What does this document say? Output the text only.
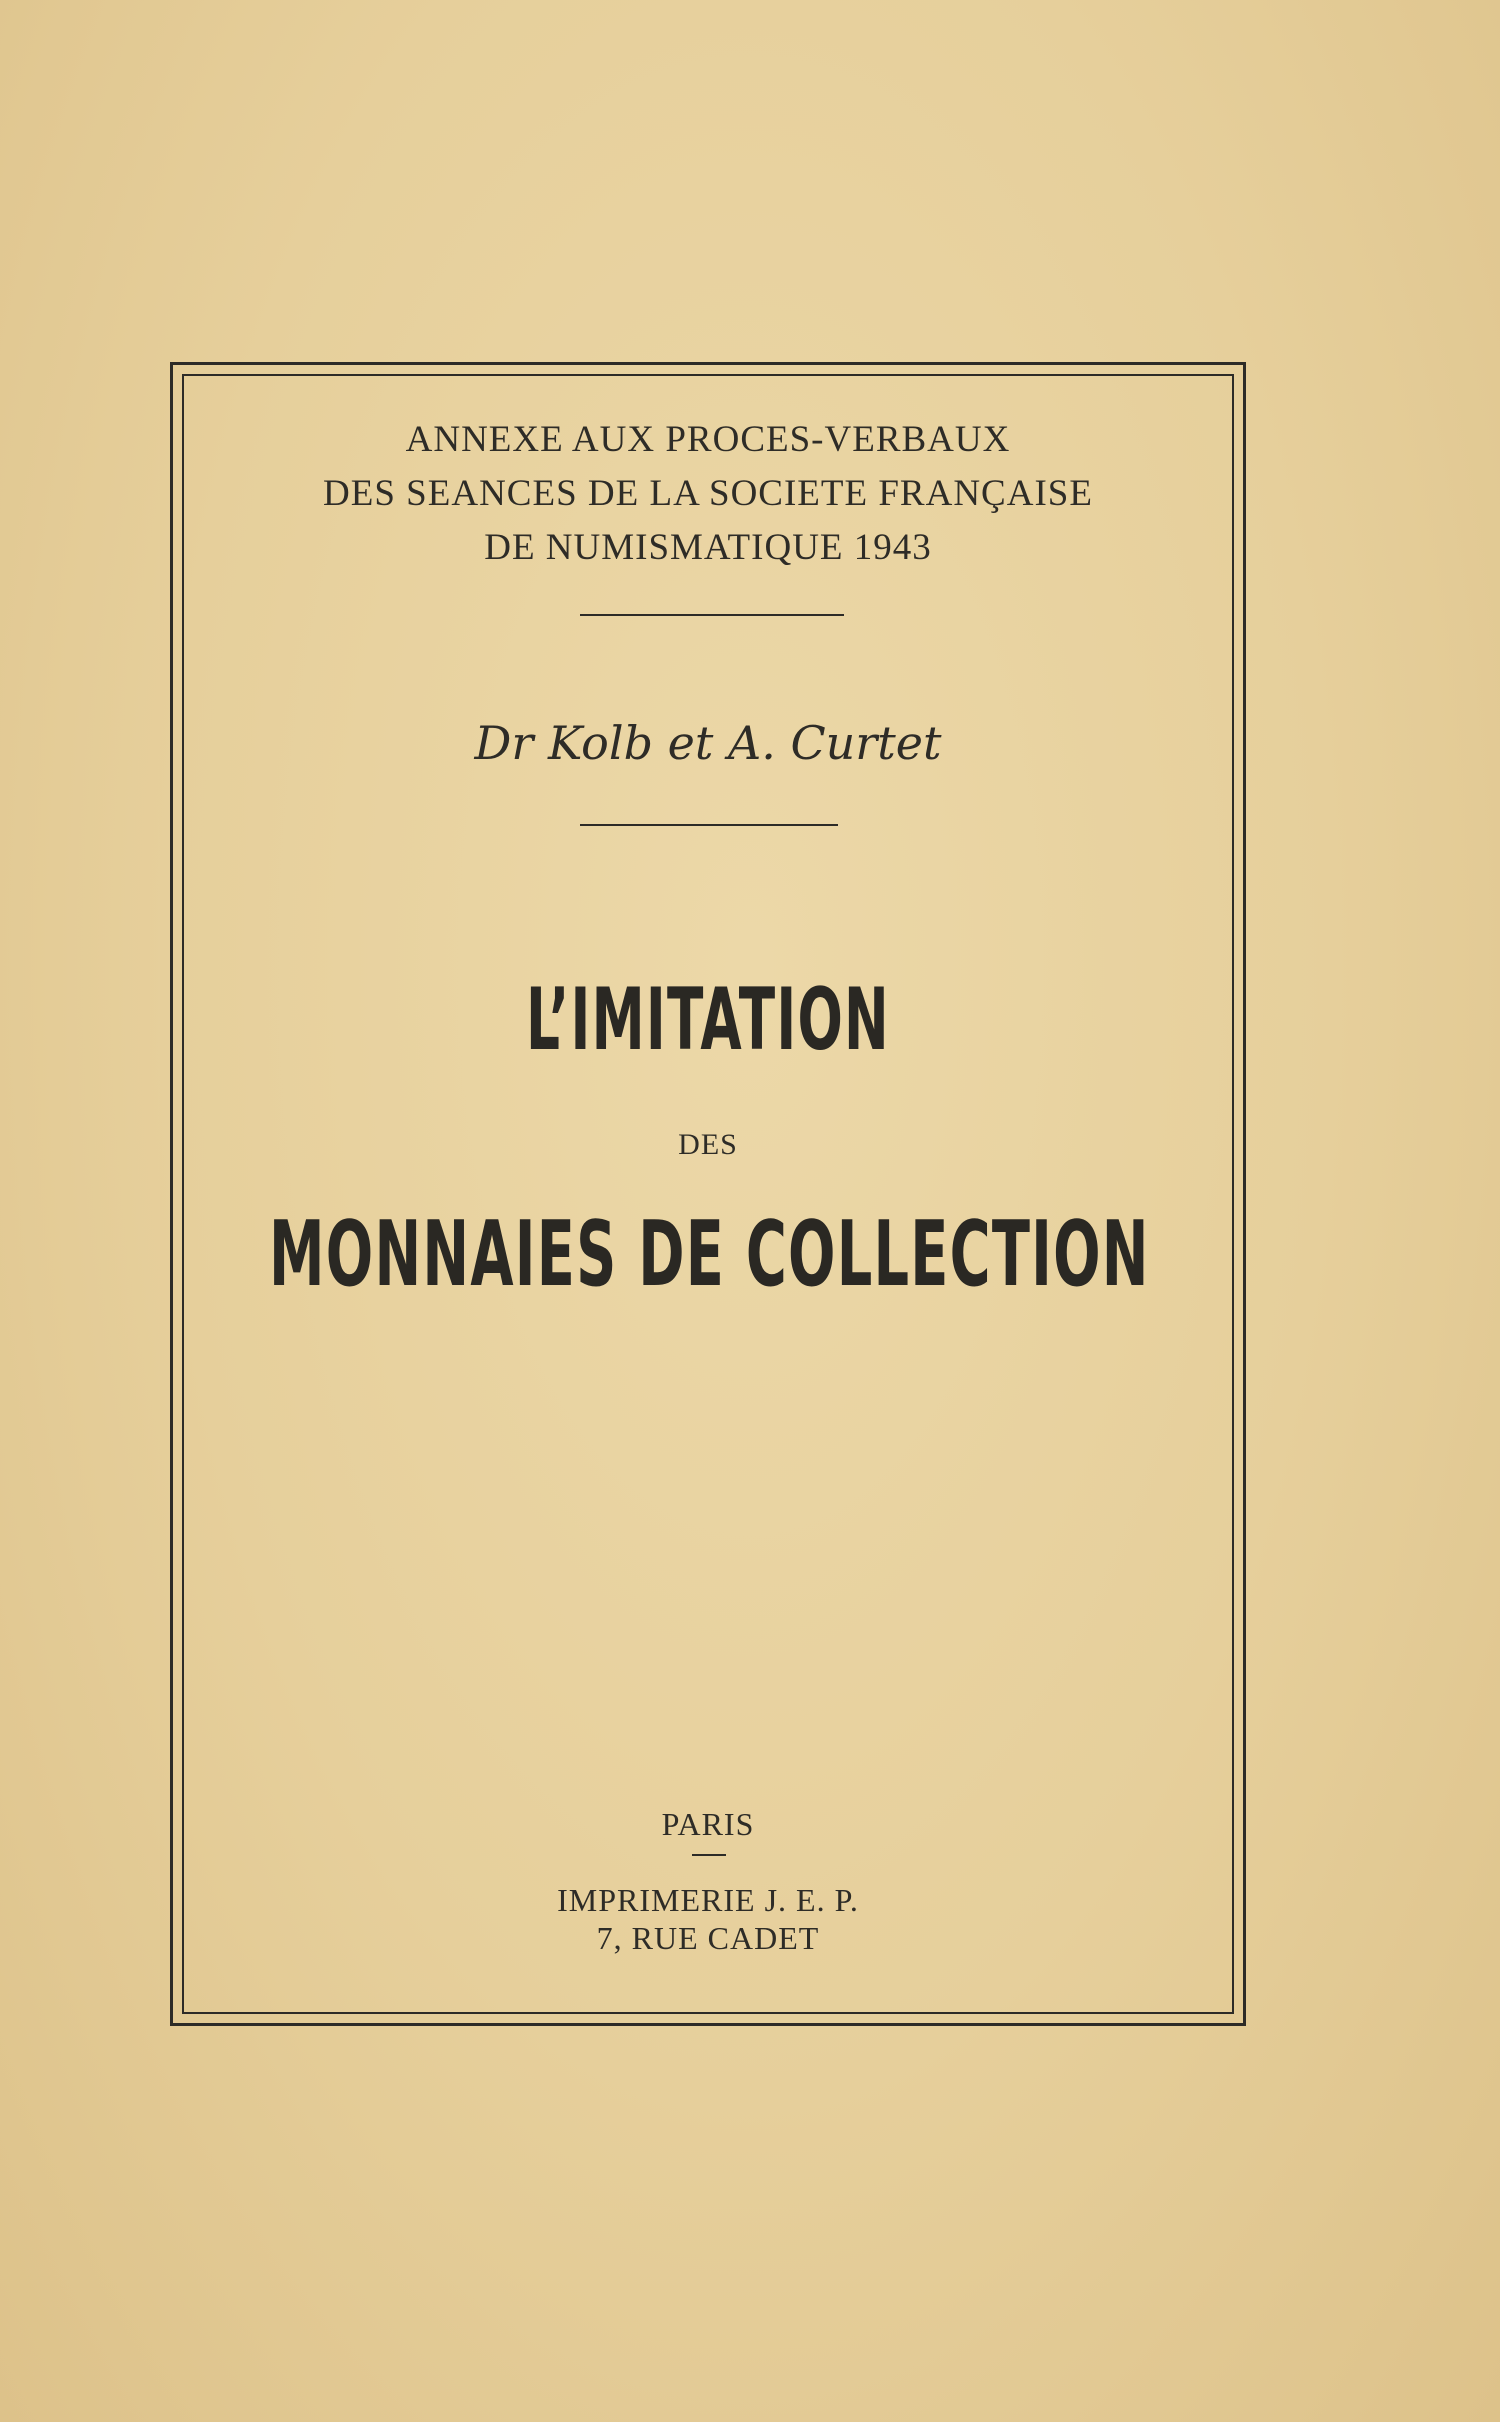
ANNEXE AUX PROCES-VERBAUX
DES SEANCES DE LA SOCIETE FRANÇAISE
DE NUMISMATIQUE 1943
Dr Kolb et A. Curtet
L’IMITATION
DES
MONNAIES DE COLLECTION
PARIS
IMPRIMERIE J. E. P.
7, RUE CADET
